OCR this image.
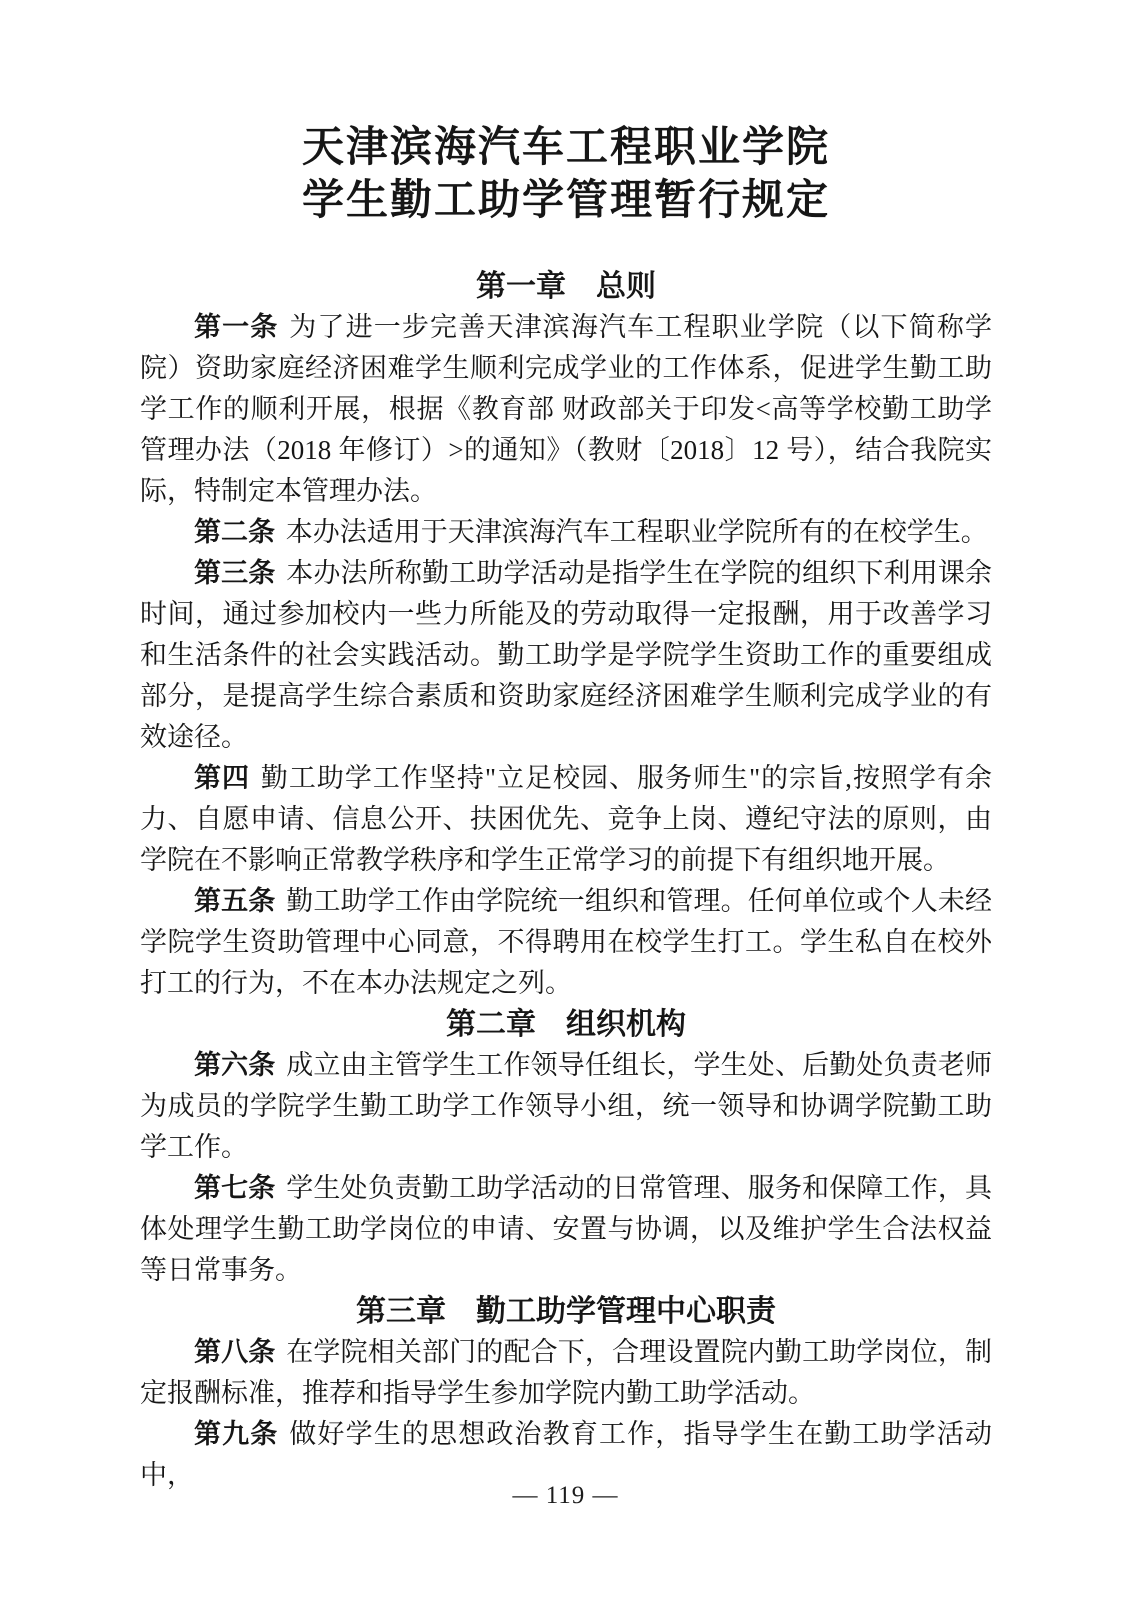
天津滨海汽车工程职业学院
学生勤工助学管理暂行规定
第一章　总则

第一条 为了进一步完善天津滨海汽车工程职业学院（以下简称学院）资助家庭经济困难学生顺利完成学业的工作体系，促进学生勤工助学工作的顺利开展，根据《教育部 财政部关于印发<高等学校勤工助学管理办法（2018 年修订）>的通知》（教财〔2018〕12 号），结合我院实际，特制定本管理办法。

第二条 本办法适用于天津滨海汽车工程职业学院所有的在校学生。

第三条 本办法所称勤工助学活动是指学生在学院的组织下利用课余时间，通过参加校内一些力所能及的劳动取得一定报酬，用于改善学习和生活条件的社会实践活动。勤工助学是学院学生资助工作的重要组成部分，是提高学生综合素质和资助家庭经济困难学生顺利完成学业的有效途径。

第四 勤工助学工作坚持"立足校园、服务师生"的宗旨,按照学有余力、自愿申请、信息公开、扶困优先、竞争上岗、遵纪守法的原则，由学院在不影响正常教学秩序和学生正常学习的前提下有组织地开展。

第五条 勤工助学工作由学院统一组织和管理。任何单位或个人未经学院学生资助管理中心同意，不得聘用在校学生打工。学生私自在校外打工的行为，不在本办法规定之列。

第二章　组织机构

第六条 成立由主管学生工作领导任组长，学生处、后勤处负责老师为成员的学院学生勤工助学工作领导小组，统一领导和协调学院勤工助学工作。

第七条 学生处负责勤工助学活动的日常管理、服务和保障工作，具体处理学生勤工助学岗位的申请、安置与协调，以及维护学生合法权益等日常事务。

第三章　勤工助学管理中心职责

第八条 在学院相关部门的配合下，合理设置院内勤工助学岗位，制定报酬标准，推荐和指导学生参加学院内勤工助学活动。

第九条 做好学生的思想政治教育工作，指导学生在勤工助学活动中，

— 119 —
